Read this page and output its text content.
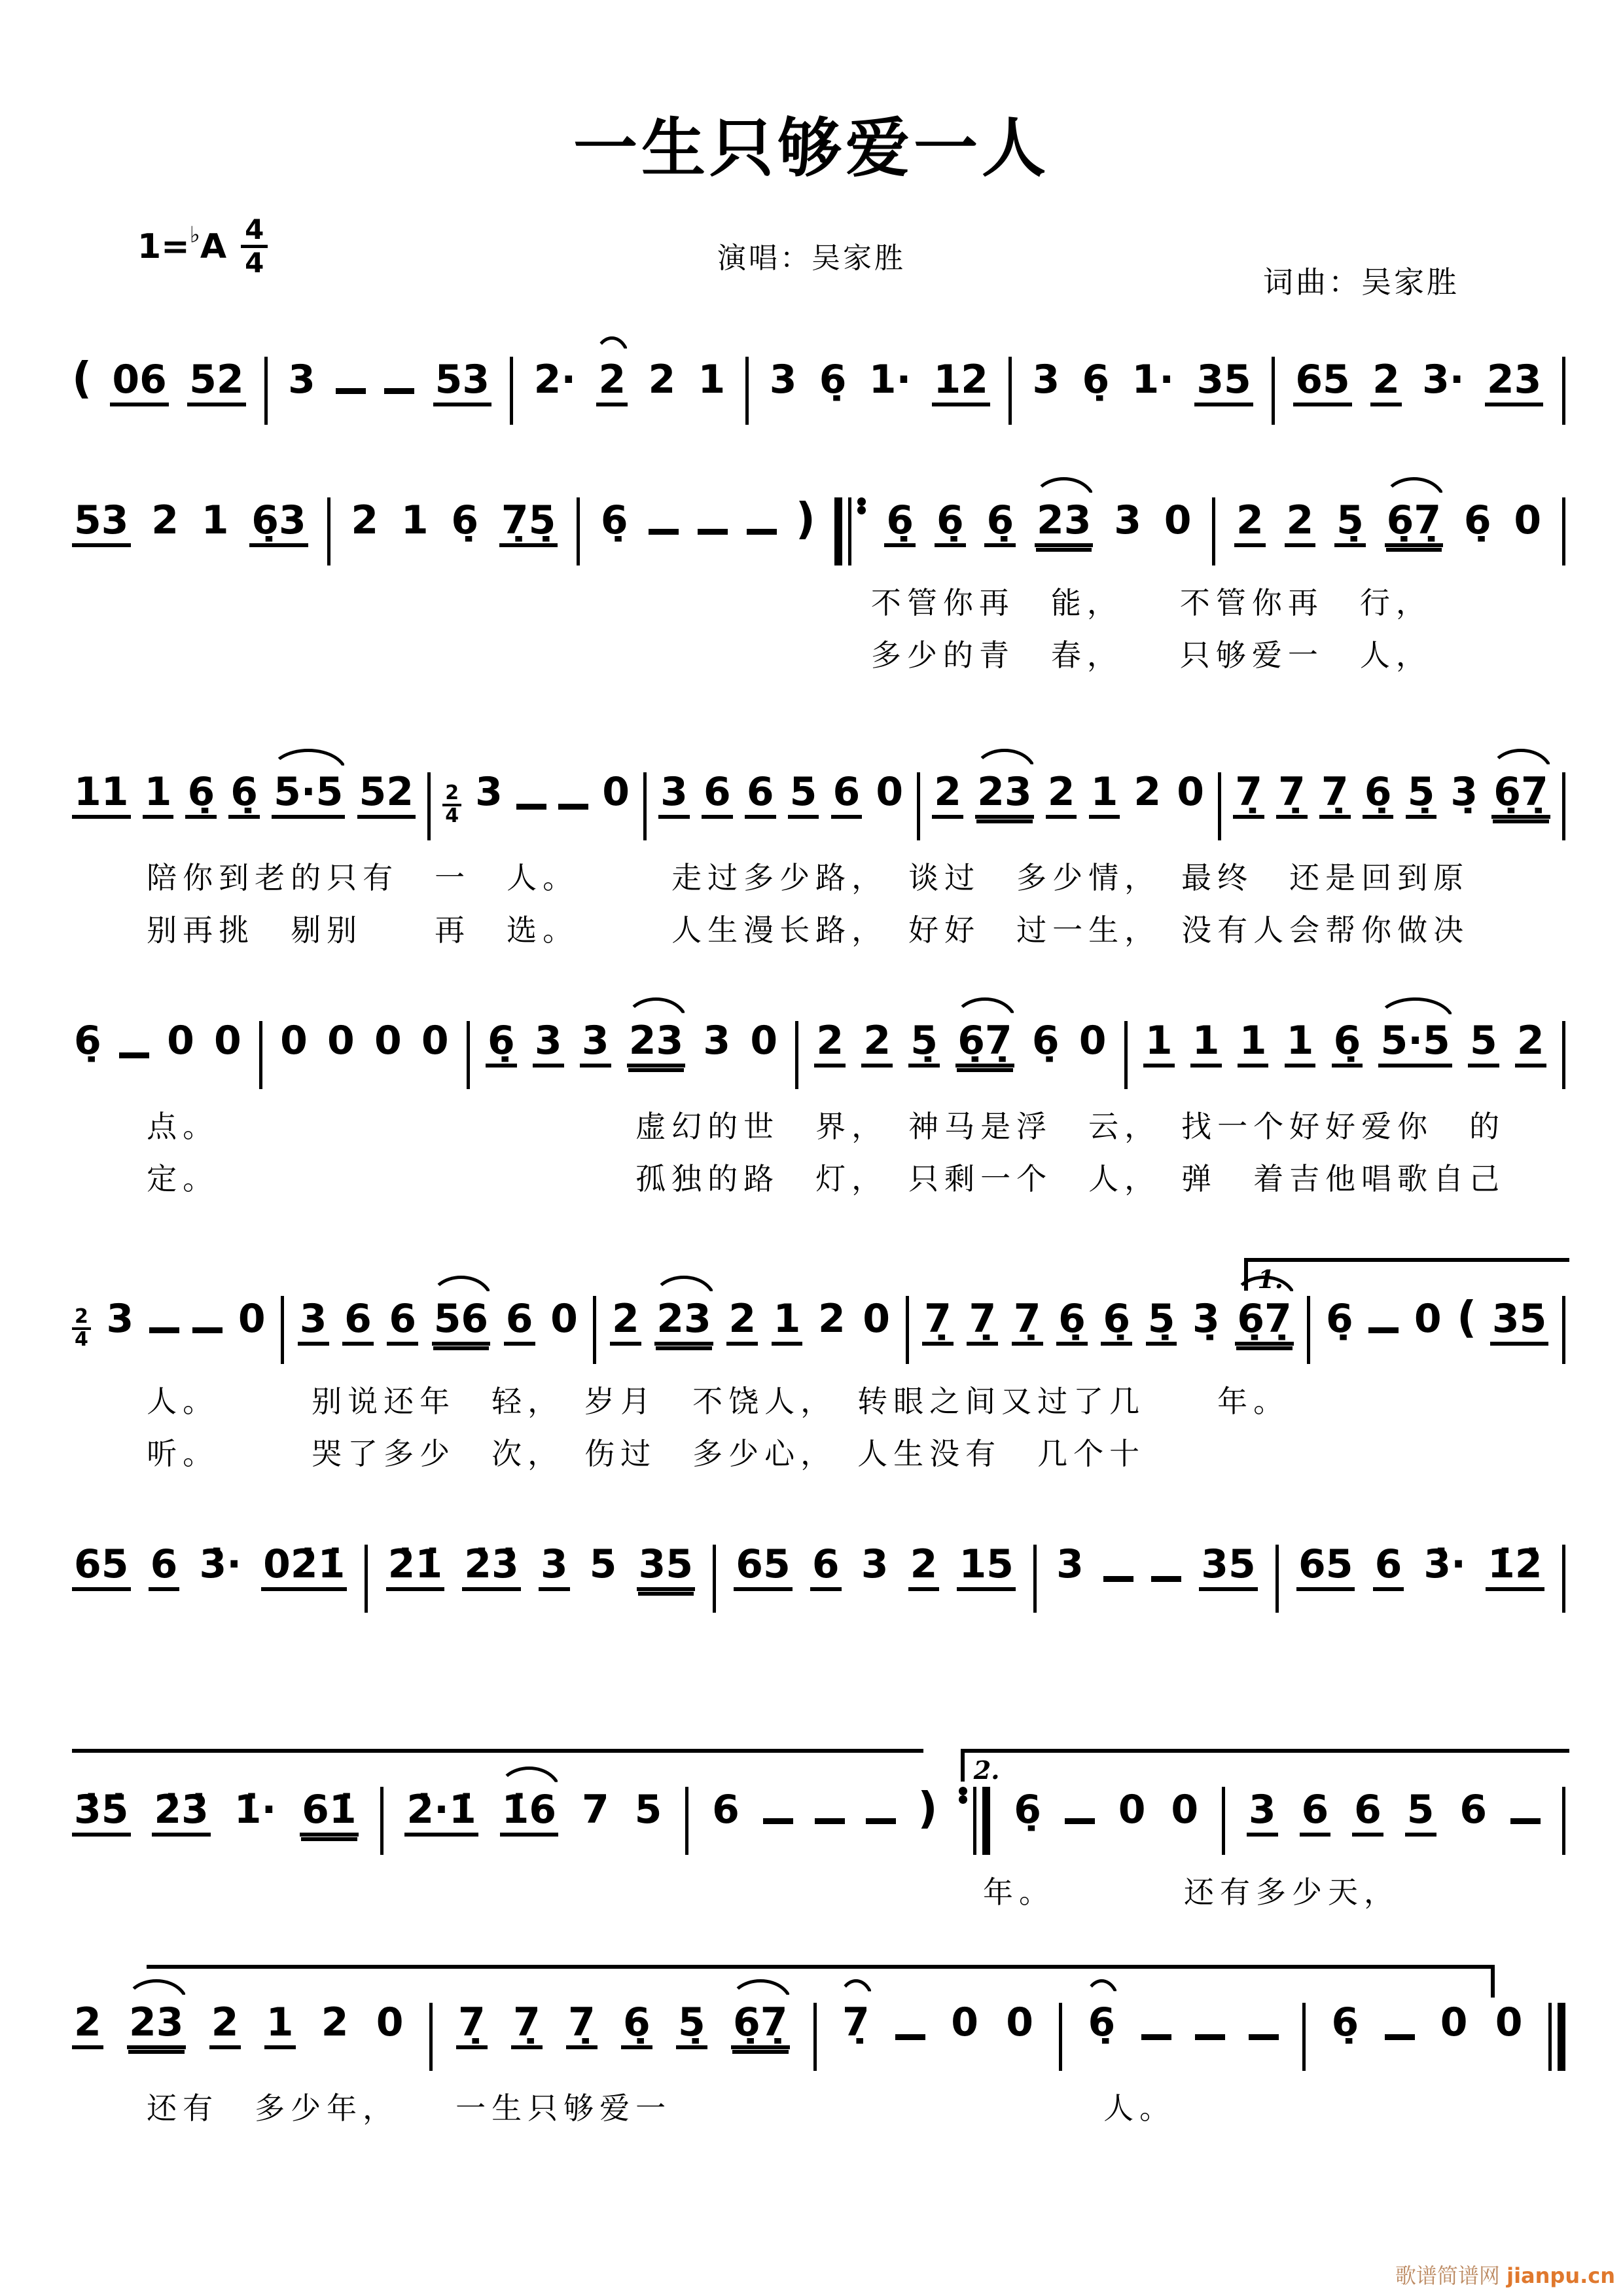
一生只够爱一人
1= ♭ A $\frac{4}{4}$	演唱：吴家胜
词曲：吴家胜
( 06 52 3	53 2· 2 2 1 3 6̣ 1· 12 3 6̣ 1· 35 65 2 3· 23
53 2 1 6̣3 2 1 6̣ 7̣5̣ 6̣	) 6̣ 6̣ 6̣ 23 3 0 2 2 5̣ 6̣7̣ 6̣ 0
不管你再　能，　　不管你再　行，
多少的青　春，　　只够爱一　人，
11 1 6̣ 6̣ 5·5 $52 \frac{2}{4} 3$	0 3 6 6 5 6 0 2 23 2 1 2 0 7̣ 7̣ 7̣ 6̣ 5̣ 3̣ 6̣7̣
陪你到老的只有　一　人。　　　走过多少路，　谈过　多少情，　最终　还是回到原
别再挑　剔别　　再　选。　　　人生漫长路，　好好　过一生，　没有人会帮你做决
6̣ 0 0 0 0 0 0 6̣ 3 3 23 3 0 2 2 5̣ 6̣7̣ 6̣ 0 1 1 1 1 6̣ 5·5 5 2
点。　　　　　　　　　　　　虚幻的世　界，　神马是浮　云，　找一个好好爱你　的
定。　　　　　　　　　　　　孤独的路　灯，　只剩一个　人，　弹　着吉他唱歌自己
1.
$\frac{2}{4} 3$	0 3 6 6 56 6 0 2 23 2 1 2 0 7̣ 7̣ 7̣ 6̣ 6̣ 5̣ 3̣ 6̣7̣ 6̣ 0 ( 35
人。　　　别说还年　轻，　岁月　不饶人，　转眼之间又过了几　　年。
听。　　　哭了多少　次，　伤过　多少心，　人生没有　几个十
65 6 3̇· 02̇1̇ 2̇1̇ 2̇3̇ 3 5 35 65 6 3 2 15 3	35 65 6 3̇· 1̇2̇
2.
3̇5̇ 2̇3̇ 1̇· 61̇ 2̇·1̇ 1̇6 7 5 6	) 6̣ 0 0 3 6 6 5 6
年。　　　　还有多少天，
2 23 2 1 2 0 7̣ 7̣ 7̣ 6̣ 5̣ 6̣7̣ 7̣ 0 0 6̣	6̣ 0 0
还有　多少年，　　一生只够爱一　　　　　　　　　　　　人。
歌谱简谱网 jianpu.cn
